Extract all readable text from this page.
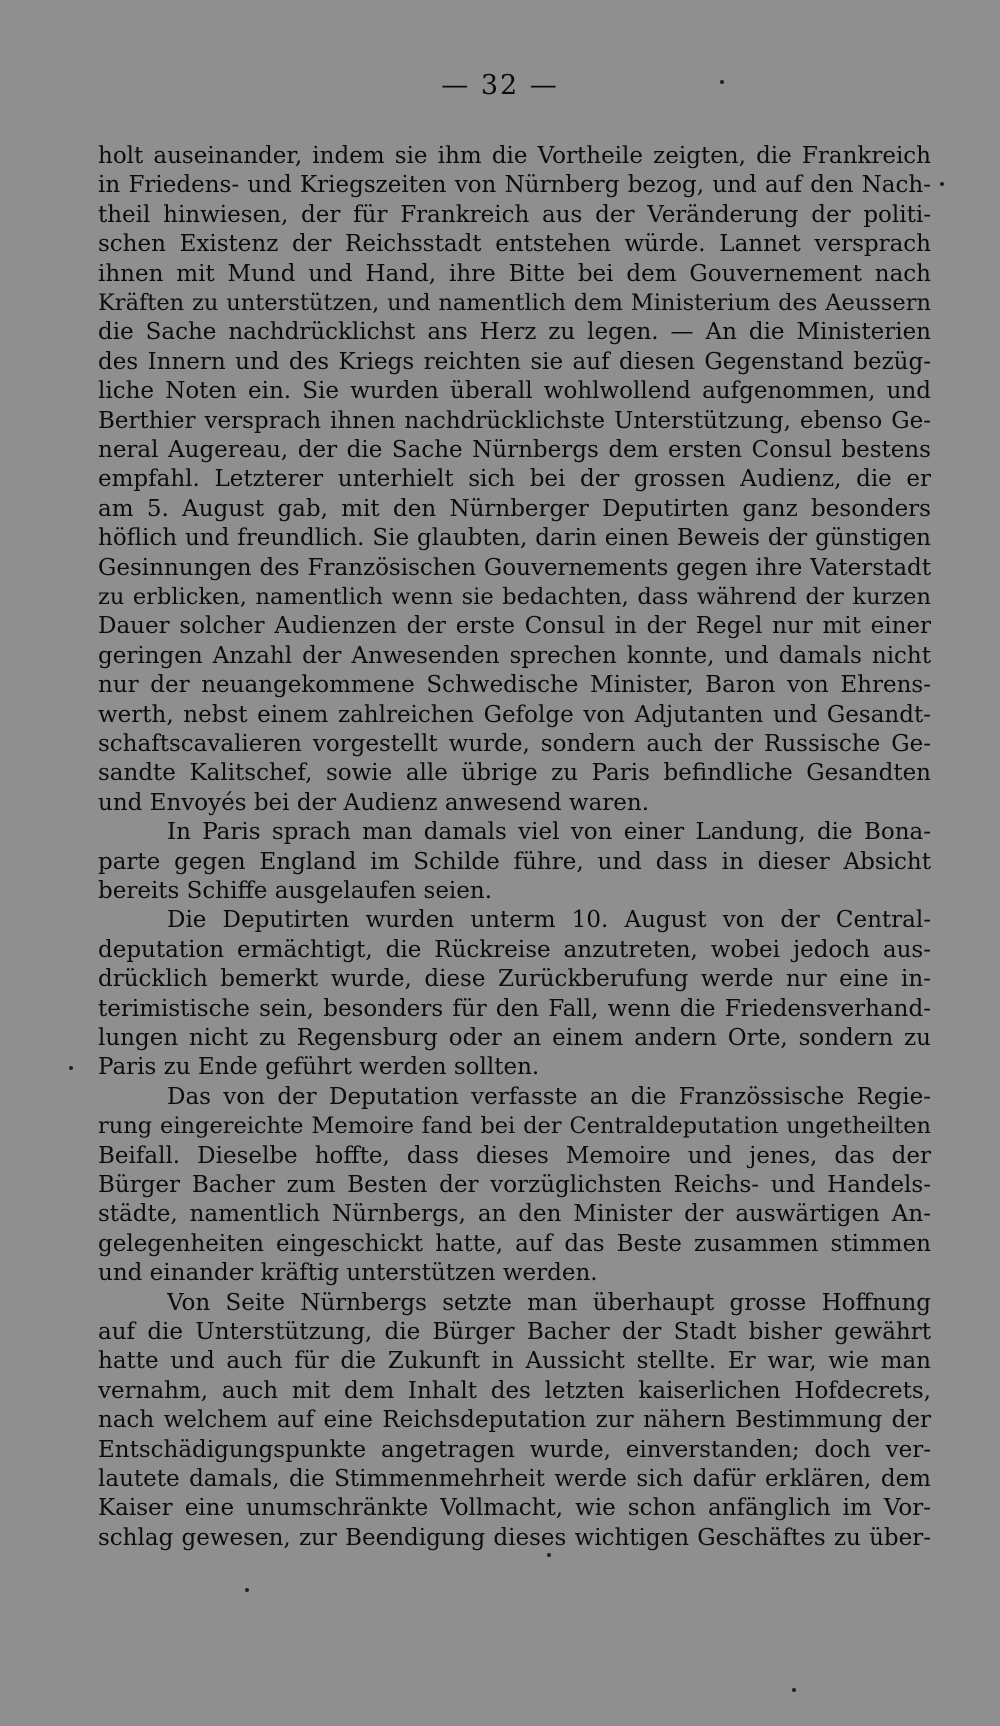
— 32 —
holt auseinander, indem sie ihm die Vortheile zeigten, die Frankreich
in Friedens- und Kriegszeiten von Nürnberg bezog, und auf den Nach-
theil hinwiesen, der für Frankreich aus der Veränderung der politi-
schen Existenz der Reichsstadt entstehen würde. Lannet versprach
ihnen mit Mund und Hand, ihre Bitte bei dem Gouvernement nach
Kräften zu unterstützen, und namentlich dem Ministerium des Aeussern
die Sache nachdrücklichst ans Herz zu legen. — An die Ministerien
des Innern und des Kriegs reichten sie auf diesen Gegenstand bezüg-
liche Noten ein. Sie wurden überall wohlwollend aufgenommen, und
Berthier versprach ihnen nachdrücklichste Unterstützung, ebenso Ge-
neral Augereau, der die Sache Nürnbergs dem ersten Consul bestens
empfahl. Letzterer unterhielt sich bei der grossen Audienz, die er
am 5. August gab, mit den Nürnberger Deputirten ganz besonders
höflich und freundlich. Sie glaubten, darin einen Beweis der günstigen
Gesinnungen des Französischen Gouvernements gegen ihre Vaterstadt
zu erblicken, namentlich wenn sie bedachten, dass während der kurzen
Dauer solcher Audienzen der erste Consul in der Regel nur mit einer
geringen Anzahl der Anwesenden sprechen konnte, und damals nicht
nur der neuangekommene Schwedische Minister, Baron von Ehrens-
werth, nebst einem zahlreichen Gefolge von Adjutanten und Gesandt-
schaftscavalieren vorgestellt wurde, sondern auch der Russische Ge-
sandte Kalitschef, sowie alle übrige zu Paris befindliche Gesandten
und Envoyés bei der Audienz anwesend waren.
In Paris sprach man damals viel von einer Landung, die Bona-
parte gegen England im Schilde führe, und dass in dieser Absicht
bereits Schiffe ausgelaufen seien.
Die Deputirten wurden unterm 10. August von der Central-
deputation ermächtigt, die Rückreise anzutreten, wobei jedoch aus-
drücklich bemerkt wurde, diese Zurückberufung werde nur eine in-
terimistische sein, besonders für den Fall, wenn die Friedensverhand-
lungen nicht zu Regensburg oder an einem andern Orte, sondern zu
Paris zu Ende geführt werden sollten.
Das von der Deputation verfasste an die Französsische Regie-
rung eingereichte Memoire fand bei der Centraldeputation ungetheilten
Beifall. Dieselbe hoffte, dass dieses Memoire und jenes, das der
Bürger Bacher zum Besten der vorzüglichsten Reichs- und Handels-
städte, namentlich Nürnbergs, an den Minister der auswärtigen An-
gelegenheiten eingeschickt hatte, auf das Beste zusammen stimmen
und einander kräftig unterstützen werden.
Von Seite Nürnbergs setzte man überhaupt grosse Hoffnung
auf die Unterstützung, die Bürger Bacher der Stadt bisher gewährt
hatte und auch für die Zukunft in Aussicht stellte. Er war, wie man
vernahm, auch mit dem Inhalt des letzten kaiserlichen Hofdecrets,
nach welchem auf eine Reichsdeputation zur nähern Bestimmung der
Entschädigungspunkte angetragen wurde, einverstanden; doch ver-
lautete damals, die Stimmenmehrheit werde sich dafür erklären, dem
Kaiser eine unumschränkte Vollmacht, wie schon anfänglich im Vor-
schlag gewesen, zur Beendigung dieses wichtigen Geschäftes zu über-
